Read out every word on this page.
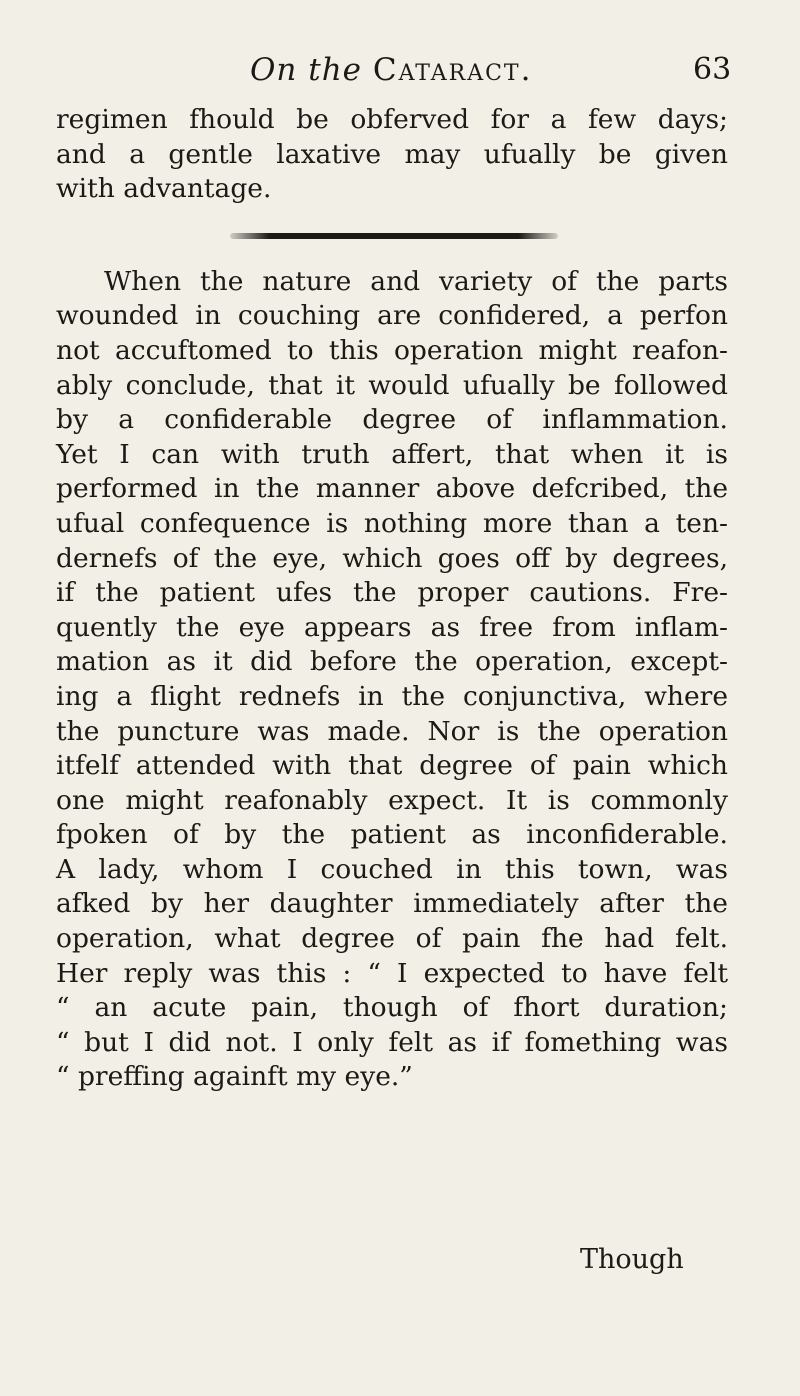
On the Cataract.	63
regimen fhould be obferved for a few days;
and a gentle laxative may ufually be given
with advantage.
When the nature and variety of the parts
wounded in couching are confidered, a perfon
not accuftomed to this operation might reafon-
ably conclude, that it would ufually be followed
by a confiderable degree of inflammation.
Yet I can with truth affert, that when it is
performed in the manner above defcribed, the
ufual confequence is nothing more than a ten-
dernefs of the eye, which goes off by degrees,
if the patient ufes the proper cautions. Fre-
quently the eye appears as free from inflam-
mation as it did before the operation, except-
ing a flight rednefs in the conjunctiva, where
the puncture was made. Nor is the operation
itfelf attended with that degree of pain which
one might reafonably expect. It is commonly
fpoken of by the patient as inconfiderable.
A lady, whom I couched in this town, was
afked by her daughter immediately after the
operation, what degree of pain fhe had felt.
Her reply was this : “ I expected to have felt
“ an acute pain, though of fhort duration;
“ but I did not. I only felt as if fomething was
“ preffing againft my eye.”
Though
